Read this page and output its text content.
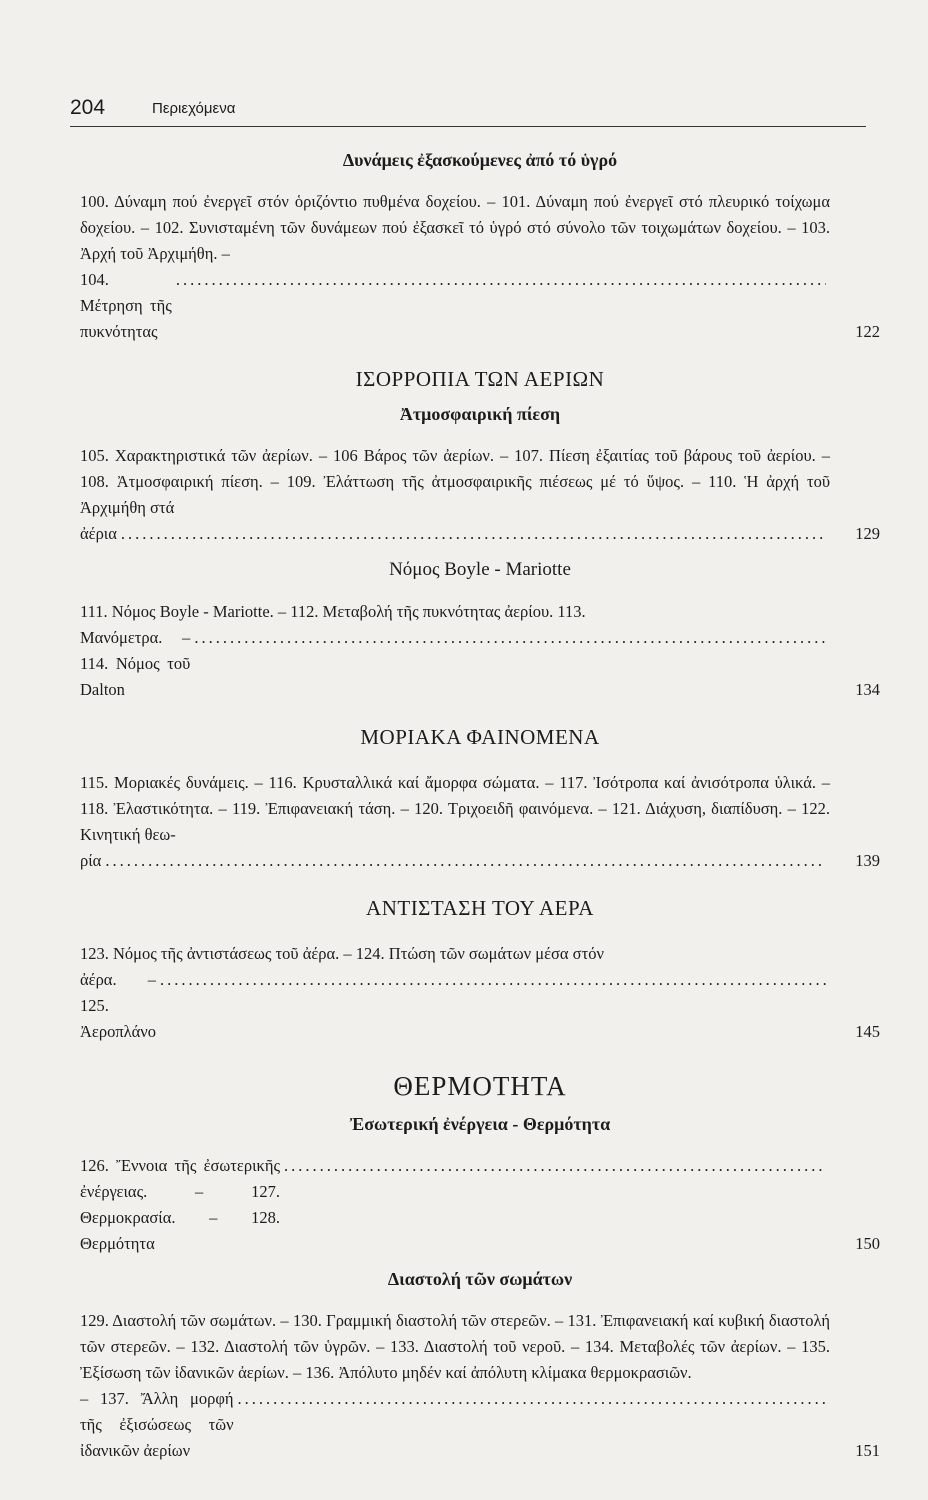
204	Περιεχόμενα
Δυνάμεις ἐξασκούμενες ἀπό τό ὑγρό
100. Δύναμη πού ἐνεργεῖ στόν ὁριζόντιο πυθμένα δοχείου. – 101. Δύναμη πού ἐνεργεῖ στό πλευρικό τοίχωμα δοχείου. – 102. Συνισταμένη τῶν δυνάμεων πού ἐξασκεῖ τό ὑγρό στό σύνολο τῶν τοιχωμάτων δοχείου. – 103. Ἀρχή τοῦ Ἀρχιμήθη. –
104. Μέτρηση τῆς πυκνότητας
.....	122
ΙΣΟΡΡΟΠΙΑ ΤΩΝ ΑΕΡΙΩΝ
Ἀτμοσφαιρική πίεση
105. Χαρακτηριστικά τῶν ἀερίων. – 106 Βάρος τῶν ἀερίων. – 107. Πίεση ἐξαιτίας τοῦ βάρους τοῦ ἀερίου. – 108. Ἀτμοσφαιρική πίεση. – 109. Ἐλάττωση τῆς ἀτμοσφαιρικῆς πιέσεως μέ τό ὕψος. – 110. Ἡ ἀρχή τοῦ Ἀρχιμήθη στά
ἀέρια .....	129
Νόμος Boyle - Mariotte
111. Νόμος Boyle - Mariotte. – 112. Μεταβολή τῆς πυκνότητας ἀερίου. 113.
Μανόμετρα. – 114. Νόμος τοῦ Dalton
.....	134
ΜΟΡΙΑΚΑ ΦΑΙΝΟΜΕΝΑ
115. Μοριακές δυνάμεις. – 116. Κρυσταλλικά καί ἄμορφα σώματα. – 117. Ἰσότροπα καί ἀνισότροπα ὑλικά. – 118. Ἐλαστικότητα. – 119. Ἐπιφανειακή τάση. – 120. Τριχοειδῆ φαινόμενα. – 121. Διάχυση, διαπίδυση. – 122. Κινητική θεω-
ρία .....	139
ΑΝΤΙΣΤΑΣΗ ΤΟΥ ΑΕΡΑ
123. Νόμος τῆς ἀντιστάσεως τοῦ ἀέρα. – 124. Πτώση τῶν σωμάτων μέσα στόν
ἀέρα. – 125. Ἀεροπλάνο
.....	145
ΘΕΡΜΟΤΗΤΑ
Ἐσωτερική ἐνέργεια - Θερμότητα
126. Ἔννοια τῆς ἐσωτερικῆς ἐνέργειας. – 127. Θερμοκρασία. – 128. Θερμότητα
.....	150
Διαστολή τῶν σωμάτων
129. Διαστολή τῶν σωμάτων. – 130. Γραμμική διαστολή τῶν στερεῶν. – 131. Ἐπιφανειακή καί κυβική διαστολή τῶν στερεῶν. – 132. Διαστολή τῶν ὑγρῶν. – 133. Διαστολή τοῦ νεροῦ. – 134. Μεταβολές τῶν ἀερίων. – 135. Ἐξίσωση τῶν ἰδανικῶν ἀερίων. – 136. Ἀπόλυτο μηδέν καί ἀπόλυτη κλίμακα θερμοκρασιῶν.
– 137. Ἄλλη μορφή τῆς ἐξισώσεως τῶν ἰδανικῶν ἀερίων
.....	151
